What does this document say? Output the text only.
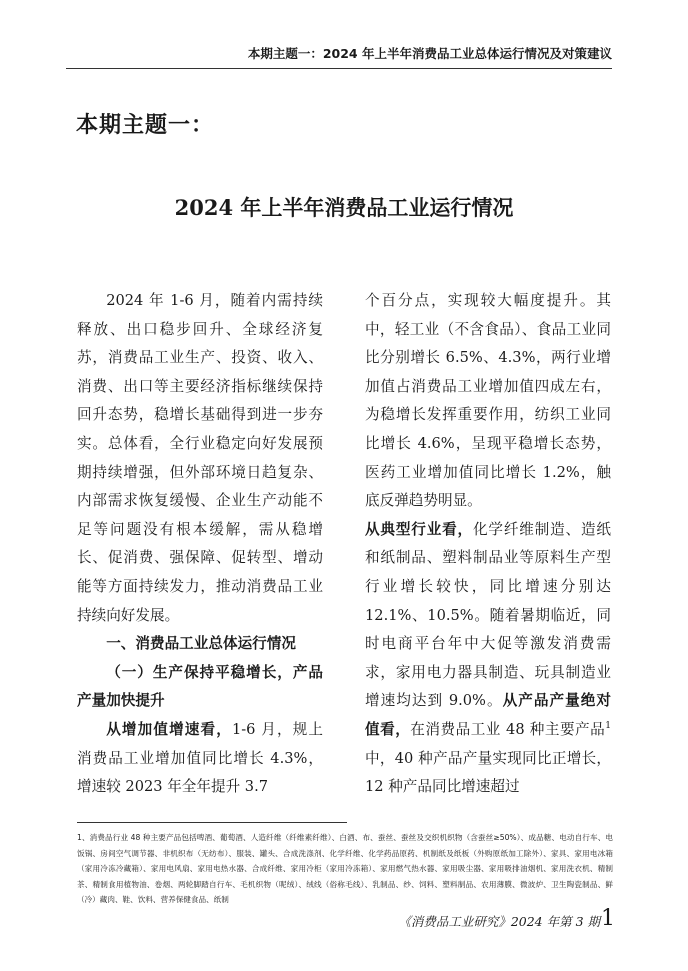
本期主题一：2024 年上半年消费品工业总体运行情况及对策建议
本期主题一：
2024 年上半年消费品工业运行情况

2024 年 1-6 月，随着内需持续释放、出口稳步回升、全球经济复苏，消费品工业生产、投资、收入、消费、出口等主要经济指标继续保持回升态势，稳增长基础得到进一步夯实。总体看，全行业稳定向好发展预期持续增强，但外部环境日趋复杂、内部需求恢复缓慢、企业生产动能不足等问题没有根本缓解，需从稳增长、促消费、强保障、促转型、增动能等方面持续发力，推动消费品工业持续向好发展。

一、消费品工业总体运行情况

（一）生产保持平稳增长，产品产量加快提升

从增加值增速看，1-6 月，规上消费品工业增加值同比增长 4.3%，增速较 2023 年全年提升 3.7

个百分点，实现较大幅度提升。其中，轻工业（不含食品）、食品工业同比分别增长 6.5%、4.3%，两行业增加值占消费品工业增加值四成左右，为稳增长发挥重要作用，纺织工业同比增长 4.6%，呈现平稳增长态势，医药工业增加值同比增长 1.2%，触底反弹趋势明显。

从典型行业看，化学纤维制造、造纸和纸制品、塑料制品业等原料生产型行业增长较快，同比增速分别达 12.1%、10.5%。随着暑期临近，同时电商平台年中大促等激发消费需求，家用电力器具制造、玩具制造业增速均达到 9.0%。从产品产量绝对值看，在消费品工业 48 种主要产品$^1$中，40 种产品产量实现同比正增长，12 种产品同比增速超过

1、消费品行业 48 种主要产品包括啤酒、葡萄酒、人造纤维（纤维素纤维）、白酒、布、蚕丝、蚕丝及交织机织物（含蚕丝≥50%）、成品糖、电动自行车、电饭锅、房间空气调节器、非机织布（无纺布）、服装、罐头、合成洗涤剂、化学纤维、化学药品原药、机制纸及纸板（外购原纸加工除外）、家具、家用电冰箱（家用冷冻冷藏箱）、家用电风扇、家用电热水器、合成纤维、家用冷柜（家用冷冻箱）、家用燃气热水器、家用吸尘器、家用吸排油烟机、家用洗衣机、精制茶、精制食用植物油、卷烟、两轮脚踏自行车、毛机织物（呢绒）、绒线（俗称毛线）、乳制品、纱、饲料、塑料制品、农用薄膜、微波炉、卫生陶瓷制品、鲜（冷）藏肉、鞋、饮料、营养保健食品、纸制

《消费品工业研究》2024 年第 3 期 1
